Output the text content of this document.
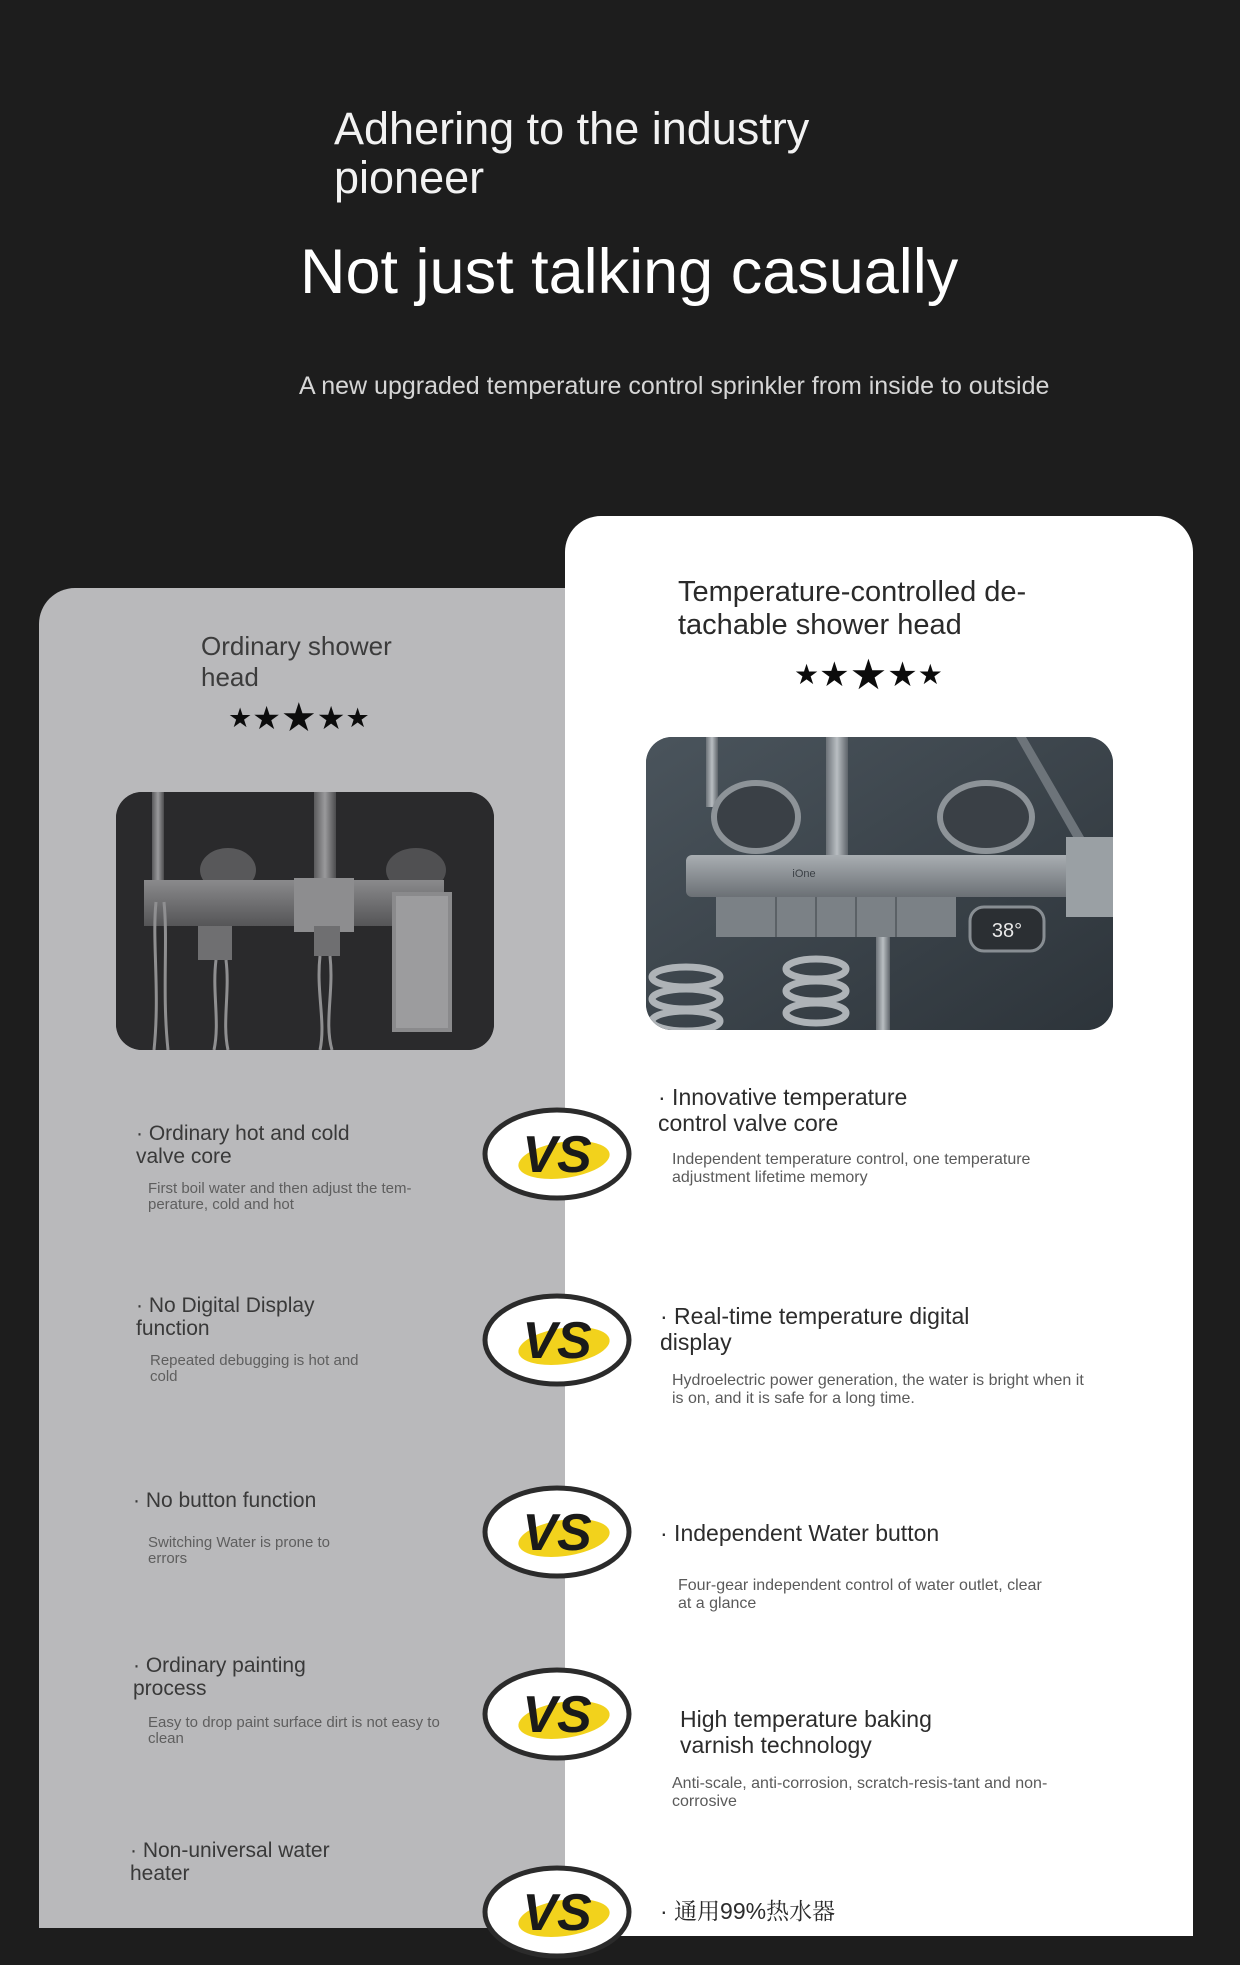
Adhering to the industry pioneer
Not just talking casually
A new upgraded temperature control sprinkler from inside to outside
Ordinary shower head
★★★★★
Temperature-controlled de-tachable shower head
★★★★★
38°
iOne
· Ordinary hot and cold valve core
First boil water and then adjust the tem-perature, cold and hot
· No Digital Display function
Repeated debugging is hot and cold
· No button function
Switching Water is prone to errors
· Ordinary painting process
Easy to drop paint surface dirt is not easy to clean
· Non-universal water heater
· Innovative temperature control valve core
Independent temperature control, one temperature adjustment lifetime memory
· Real-time temperature digital display
Hydroelectric power generation, the water is bright when it is on, and it is safe for a long time.
· Independent Water button
Four-gear independent control of water outlet, clear at a glance
High temperature baking varnish technology
Anti-scale, anti-corrosion, scratch-resis-tant and non-corrosive
· 通用99%热水器
VS
VS
VS
VS
VS
